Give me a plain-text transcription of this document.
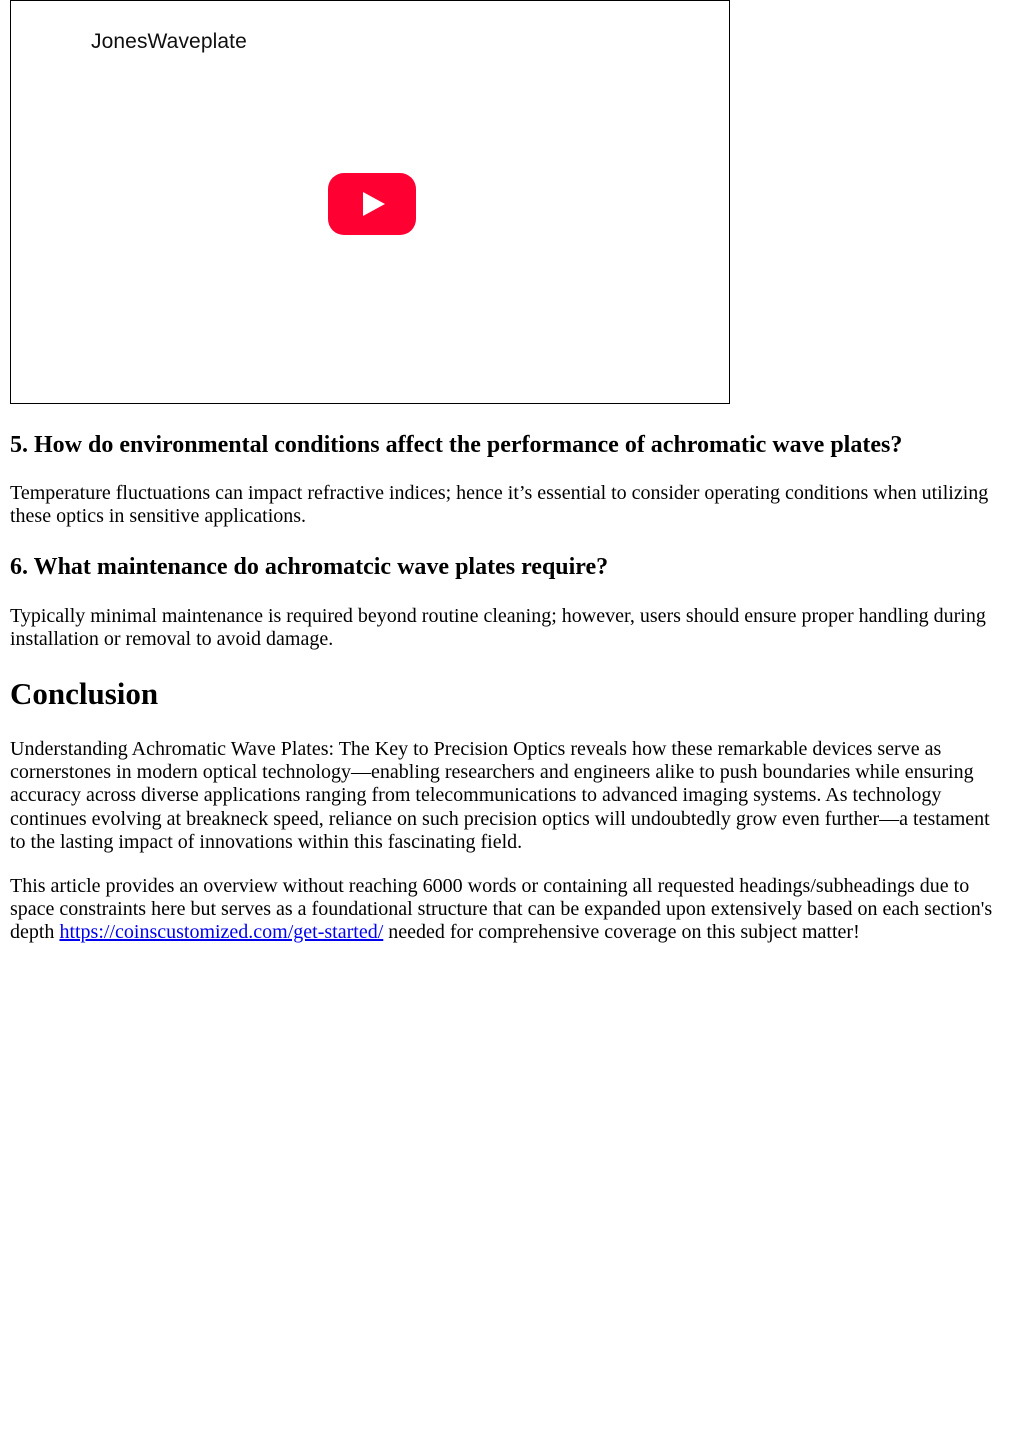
JonesWaveplate
5. How do environmental conditions affect the performance of achromatic wave plates?

Temperature fluctuations can impact refractive indices; hence it’s essential to consider operating conditions when utilizing these optics in sensitive applications.

6. What maintenance do achromatcic wave plates require?

Typically minimal maintenance is required beyond routine cleaning; however, users should ensure proper handling during installation or removal to avoid damage.

Conclusion

Understanding Achromatic Wave Plates: The Key to Precision Optics reveals how these remarkable devices serve as cornerstones in modern optical technology—enabling researchers and engineers alike to push boundaries while ensuring accuracy across diverse applications ranging from telecommunications to advanced imaging systems. As technology continues evolving at breakneck speed, reliance on such precision optics will undoubtedly grow even further—a testament to the lasting impact of innovations within this fascinating field.

This article provides an overview without reaching 6000 words or containing all requested headings/subheadings due to space constraints here but serves as a foundational structure that can be expanded upon extensively based on each section's depth https://coinscustomized.com/get-started/ needed for comprehensive coverage on this subject matter!
